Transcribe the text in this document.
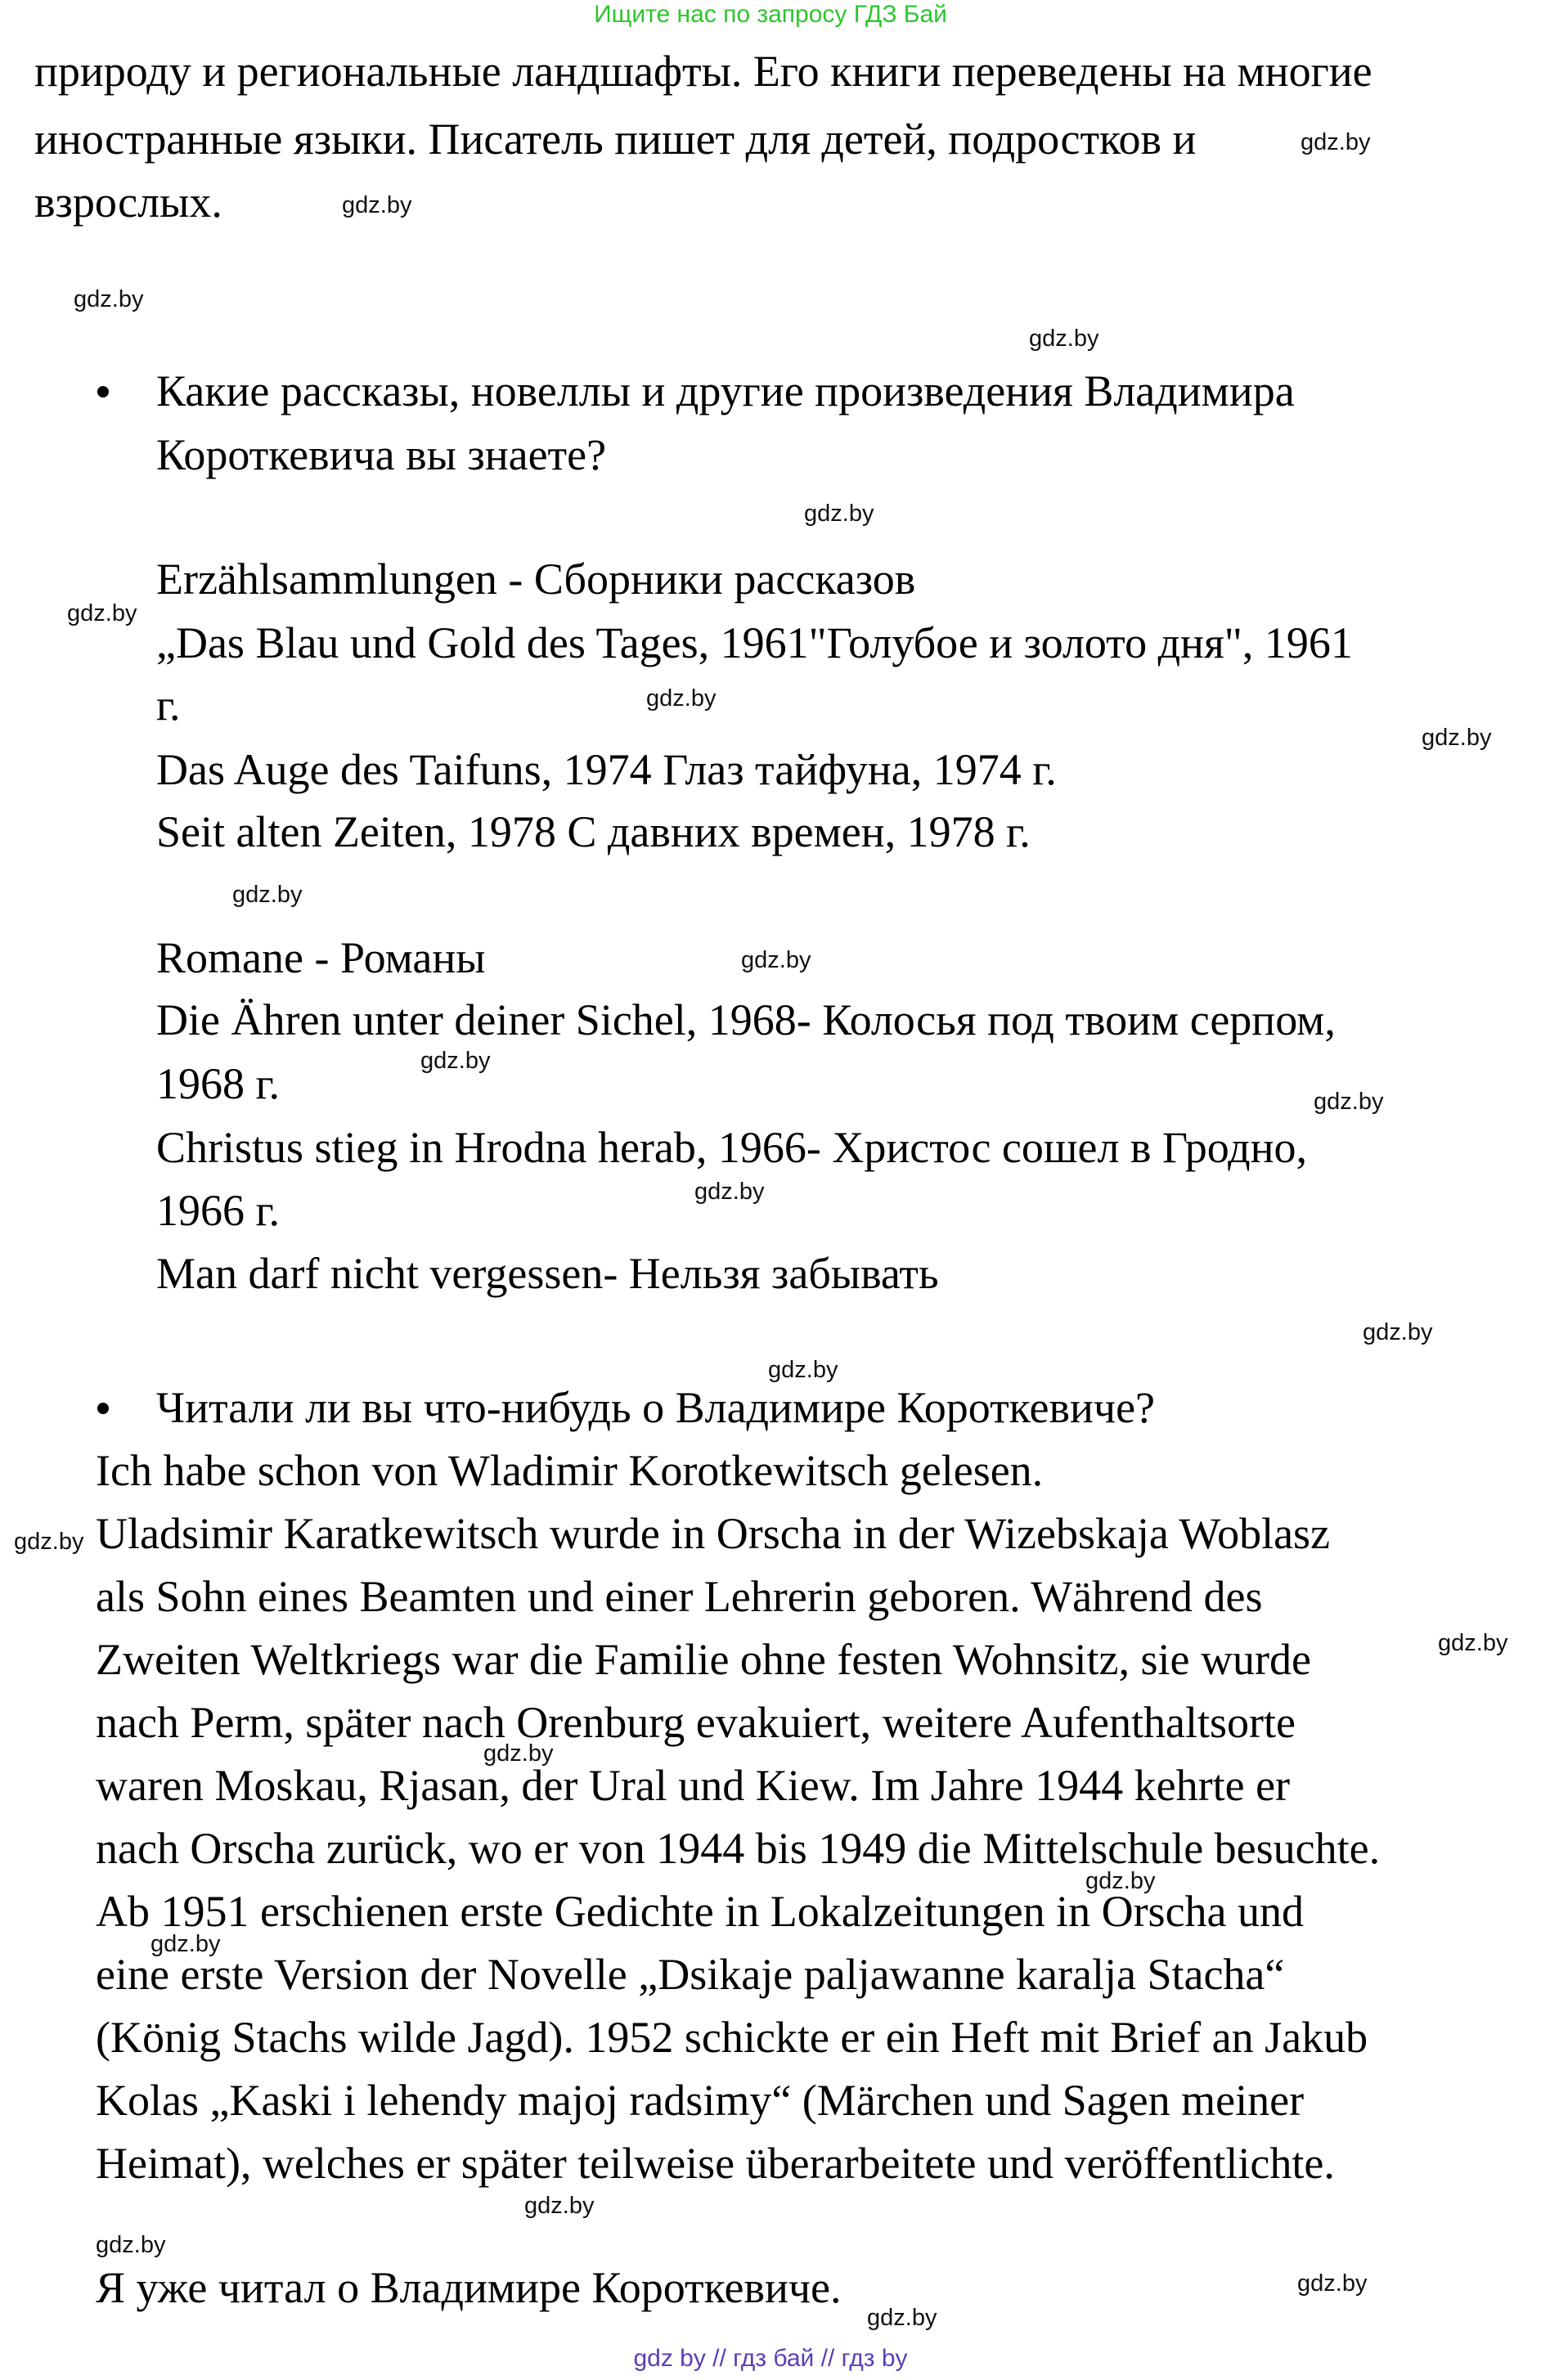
Ищите нас по запросу ГДЗ Бай
природу и региональные ландшафты. Его книги переведены на многие
иностранные языки. Писатель пишет для детей, подростков и
взрослых.
Какие рассказы, новеллы и другие произведения Владимира
Короткевича вы знаете?
Erzählsammlungen - Сборники рассказов
„Das Blau und Gold des Tages, 1961"Голубое и золото дня", 1961
г.
Das Auge des Taifuns, 1974 Глаз тайфуна, 1974 г.
Seit alten Zeiten, 1978 С давних времен, 1978 г.
Romane - Романы
Die Ähren unter deiner Sichel, 1968- Колосья под твоим серпом,
1968 г.
Christus stieg in Hrodna herab, 1966- Христос сошел в Гродно,
1966 г.
Man darf nicht vergessen- Нельзя забывать
Читали ли вы что-нибудь о Владимире Короткевиче?
Ich habe schon von Wladimir Korotkewitsch gelesen.
Uladsimir Karatkewitsch wurde in Orscha in der Wizebskaja Woblasz
als Sohn eines Beamten und einer Lehrerin geboren. Während des
Zweiten Weltkriegs war die Familie ohne festen Wohnsitz, sie wurde
nach Perm, später nach Orenburg evakuiert, weitere Aufenthaltsorte
waren Moskau, Rjasan, der Ural und Kiew. Im Jahre 1944 kehrte er
nach Orscha zurück, wo er von 1944 bis 1949 die Mittelschule besuchte.
Ab 1951 erschienen erste Gedichte in Lokalzeitungen in Orscha und
eine erste Version der Novelle „Dsikaje paljawanne karalja Stacha“
(König Stachs wilde Jagd). 1952 schickte er ein Heft mit Brief an Jakub
Kolas „Kaski i lehendy majoj radsimy“ (Märchen und Sagen meiner
Heimat), welches er später teilweise überarbeitete und veröffentlichte.
Я уже читал о Владимире Короткевиче.
gdz.by
gdz.by
gdz.by
gdz.by
gdz.by
gdz.by
gdz.by
gdz.by
gdz.by
gdz.by
gdz.by
gdz.by
gdz.by
gdz.by
gdz.by
gdz.by
gdz.by
gdz.by
gdz.by
gdz.by
gdz.by
gdz.by
gdz.by
gdz.by
gdz by // гдз бай // гдз by
